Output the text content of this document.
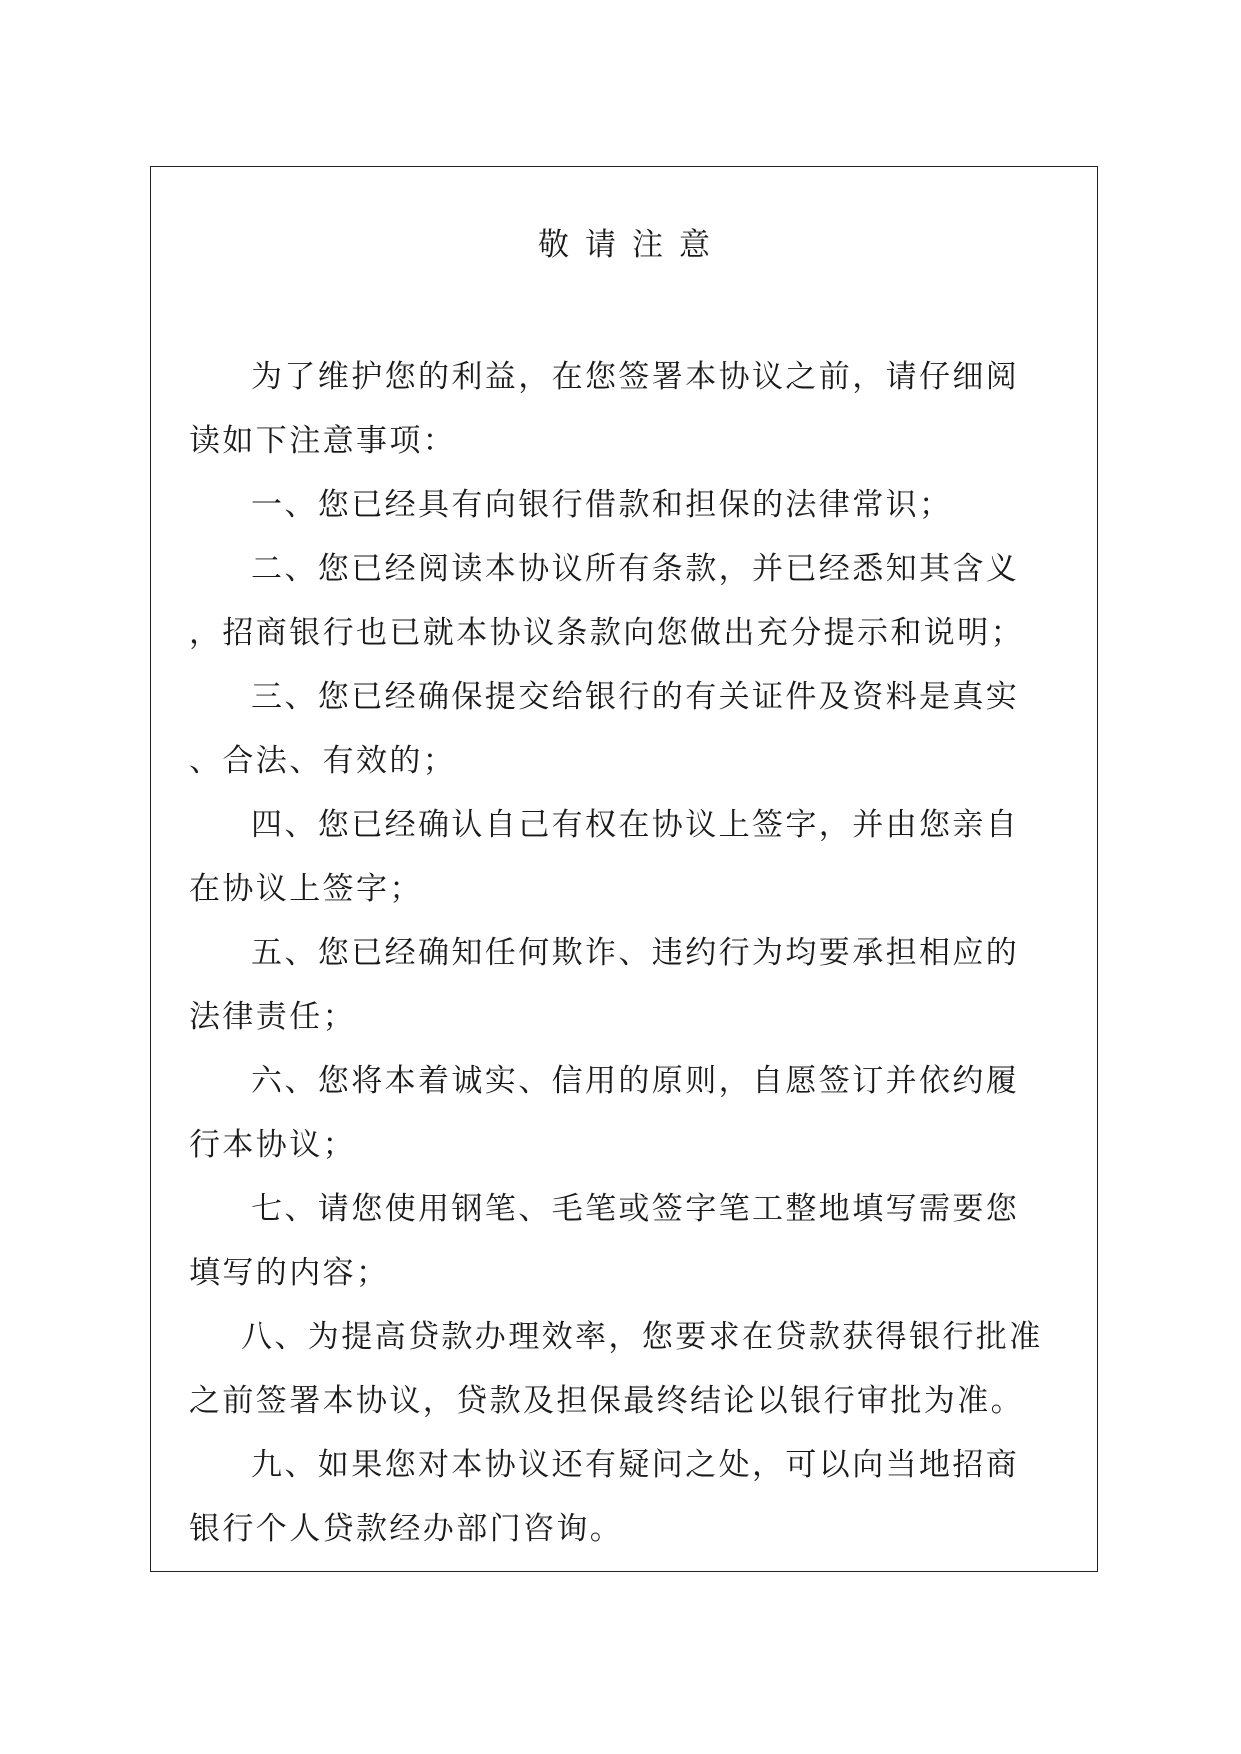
敬请注意

为了维护您的利益，在您签署本协议之前，请仔细阅
读如下注意事项：

一、您已经具有向银行借款和担保的法律常识；

二、您已经阅读本协议所有条款，并已经悉知其含义
，招商银行也已就本协议条款向您做出充分提示和说明；

三、您已经确保提交给银行的有关证件及资料是真实
、合法、有效的；

四、您已经确认自己有权在协议上签字，并由您亲自
在协议上签字；

五、您已经确知任何欺诈、违约行为均要承担相应的
法律责任；

六、您将本着诚实、信用的原则，自愿签订并依约履
行本协议；

七、请您使用钢笔、毛笔或签字笔工整地填写需要您
填写的内容；

八、为提高贷款办理效率，您要求在贷款获得银行批准
之前签署本协议，贷款及担保最终结论以银行审批为准。

九、如果您对本协议还有疑问之处，可以向当地招商
银行个人贷款经办部门咨询。
